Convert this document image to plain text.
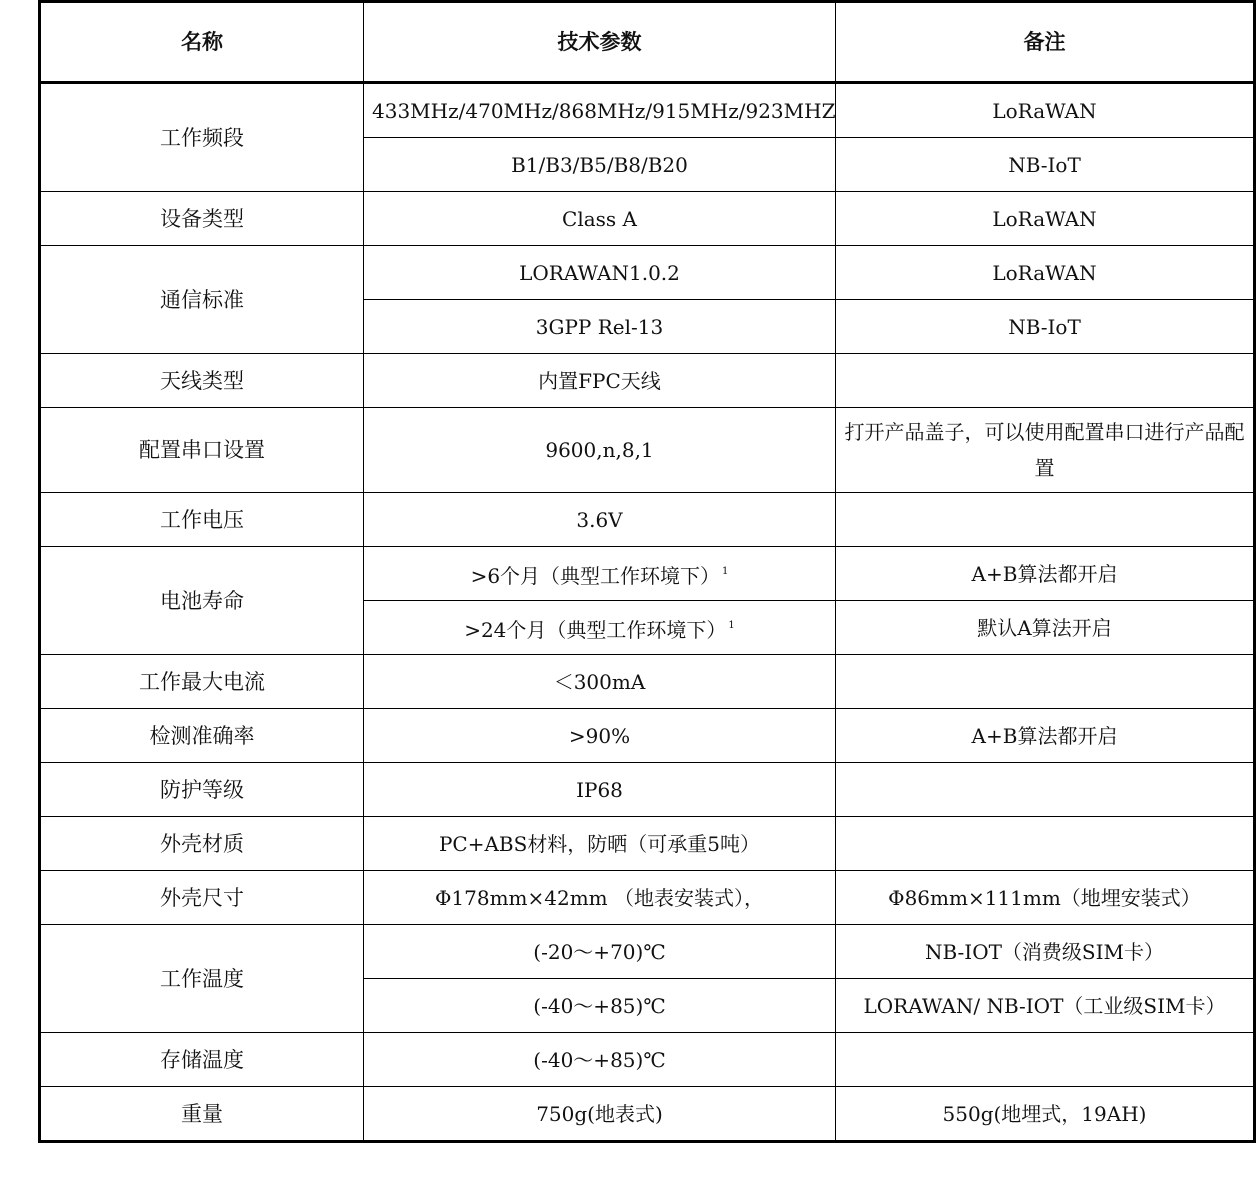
名称	技术参数	备注
工作频段	433MHz/470MHz/868MHz/915MHz/923MHZ	LoRaWAN
	B1/B3/B5/B8/B20	NB-IoT
设备类型	Class A	LoRaWAN
通信标准	LORAWAN1.0.2	LoRaWAN
	3GPP Rel-13	NB-IoT
天线类型	内置FPC天线	
配置串口设置	9600,n,8,1	打开产品盖子，可以使用配置串口进行产品配置
工作电压	3.6V	
电池寿命	>6个月（典型工作环境下） $^1$	A+B算法都开启
	>24个月（典型工作环境下） $^1$	默认A算法开启
工作最大电流	＜300mA	
检测准确率	>90%	A+B算法都开启
防护等级	IP68	
外壳材质	PC+ABS材料，防晒（可承重5吨）	
外壳尺寸	Φ178mm×42mm （地表安装式），	Φ86mm×111mm（地埋安装式）
工作温度	(-20～+70)℃	NB-IOT（消费级SIM卡）
	(-40～+85)℃	LORAWAN/ NB-IOT（工业级SIM卡）
存储温度	(-40～+85)℃	
重量	750g(地表式)	550g(地埋式，19AH)
